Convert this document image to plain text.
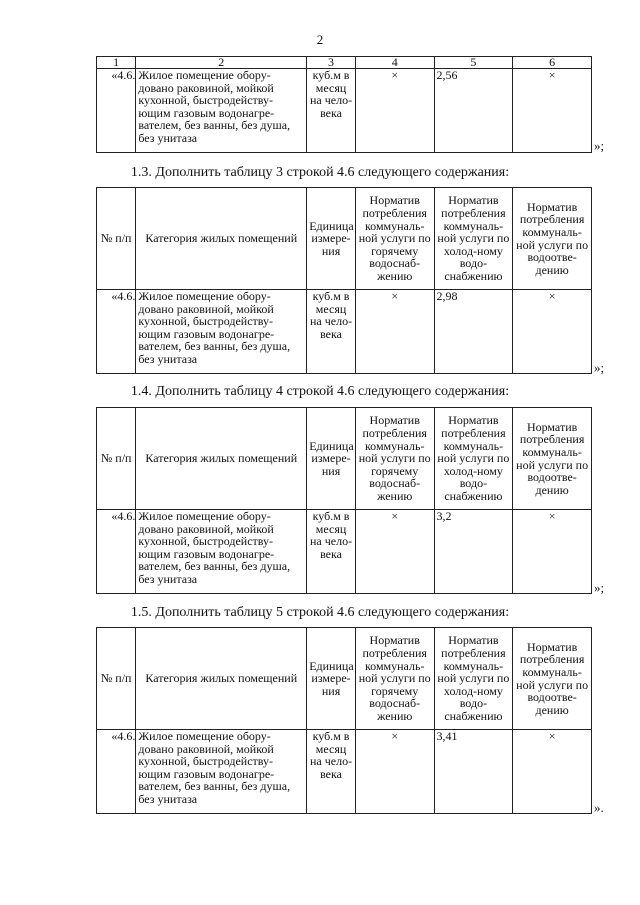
2
1	2	3	4	5	6
«4.6.	Жилое помещение обору-довано раковиной, мойкой кухонной, быстродейству-ющим газовым водонагре-вателем, без ванны, без душа, без унитаза	куб.м в месяц на чело-века	×	2,56	×
»;
1.3. Дополнить таблицу 3 строкой 4.6 следующего содержания:
№ п/п	Категория жилых помещений	Единица измере-ния	Норматив потребления коммуналь-ной услуги по горячему водоснаб-жению	Норматив потребления коммуналь-ной услуги по холод-ному водо-снабжению	Норматив потребления коммуналь-ной услуги по водоотве-дению
«4.6.	Жилое помещение обору-довано раковиной, мойкой кухонной, быстродейству-ющим газовым водонагре-вателем, без ванны, без душа, без унитаза	куб.м в месяц на чело-века	×	2,98	×
»;
1.4. Дополнить таблицу 4 строкой 4.6 следующего содержания:
№ п/п	Категория жилых помещений	Единица измере-ния	Норматив потребления коммуналь-ной услуги по горячему водоснаб-жению	Норматив потребления коммуналь-ной услуги по холод-ному водо-снабжению	Норматив потребления коммуналь-ной услуги по водоотве-дению
«4.6.	Жилое помещение обору-довано раковиной, мойкой кухонной, быстродейству-ющим газовым водонагре-вателем, без ванны, без душа, без унитаза	куб.м в месяц на чело-века	×	3,2	×
»;
1.5. Дополнить таблицу 5 строкой 4.6 следующего содержания:
№ п/п	Категория жилых помещений	Единица измере-ния	Норматив потребления коммуналь-ной услуги по горячему водоснаб-жению	Норматив потребления коммуналь-ной услуги по холод-ному водо-снабжению	Норматив потребления коммуналь-ной услуги по водоотве-дению
«4.6.	Жилое помещение обору-довано раковиной, мойкой кухонной, быстродейству-ющим газовым водонагре-вателем, без ванны, без душа, без унитаза	куб.м в месяц на чело-века	×	3,41	×
».
